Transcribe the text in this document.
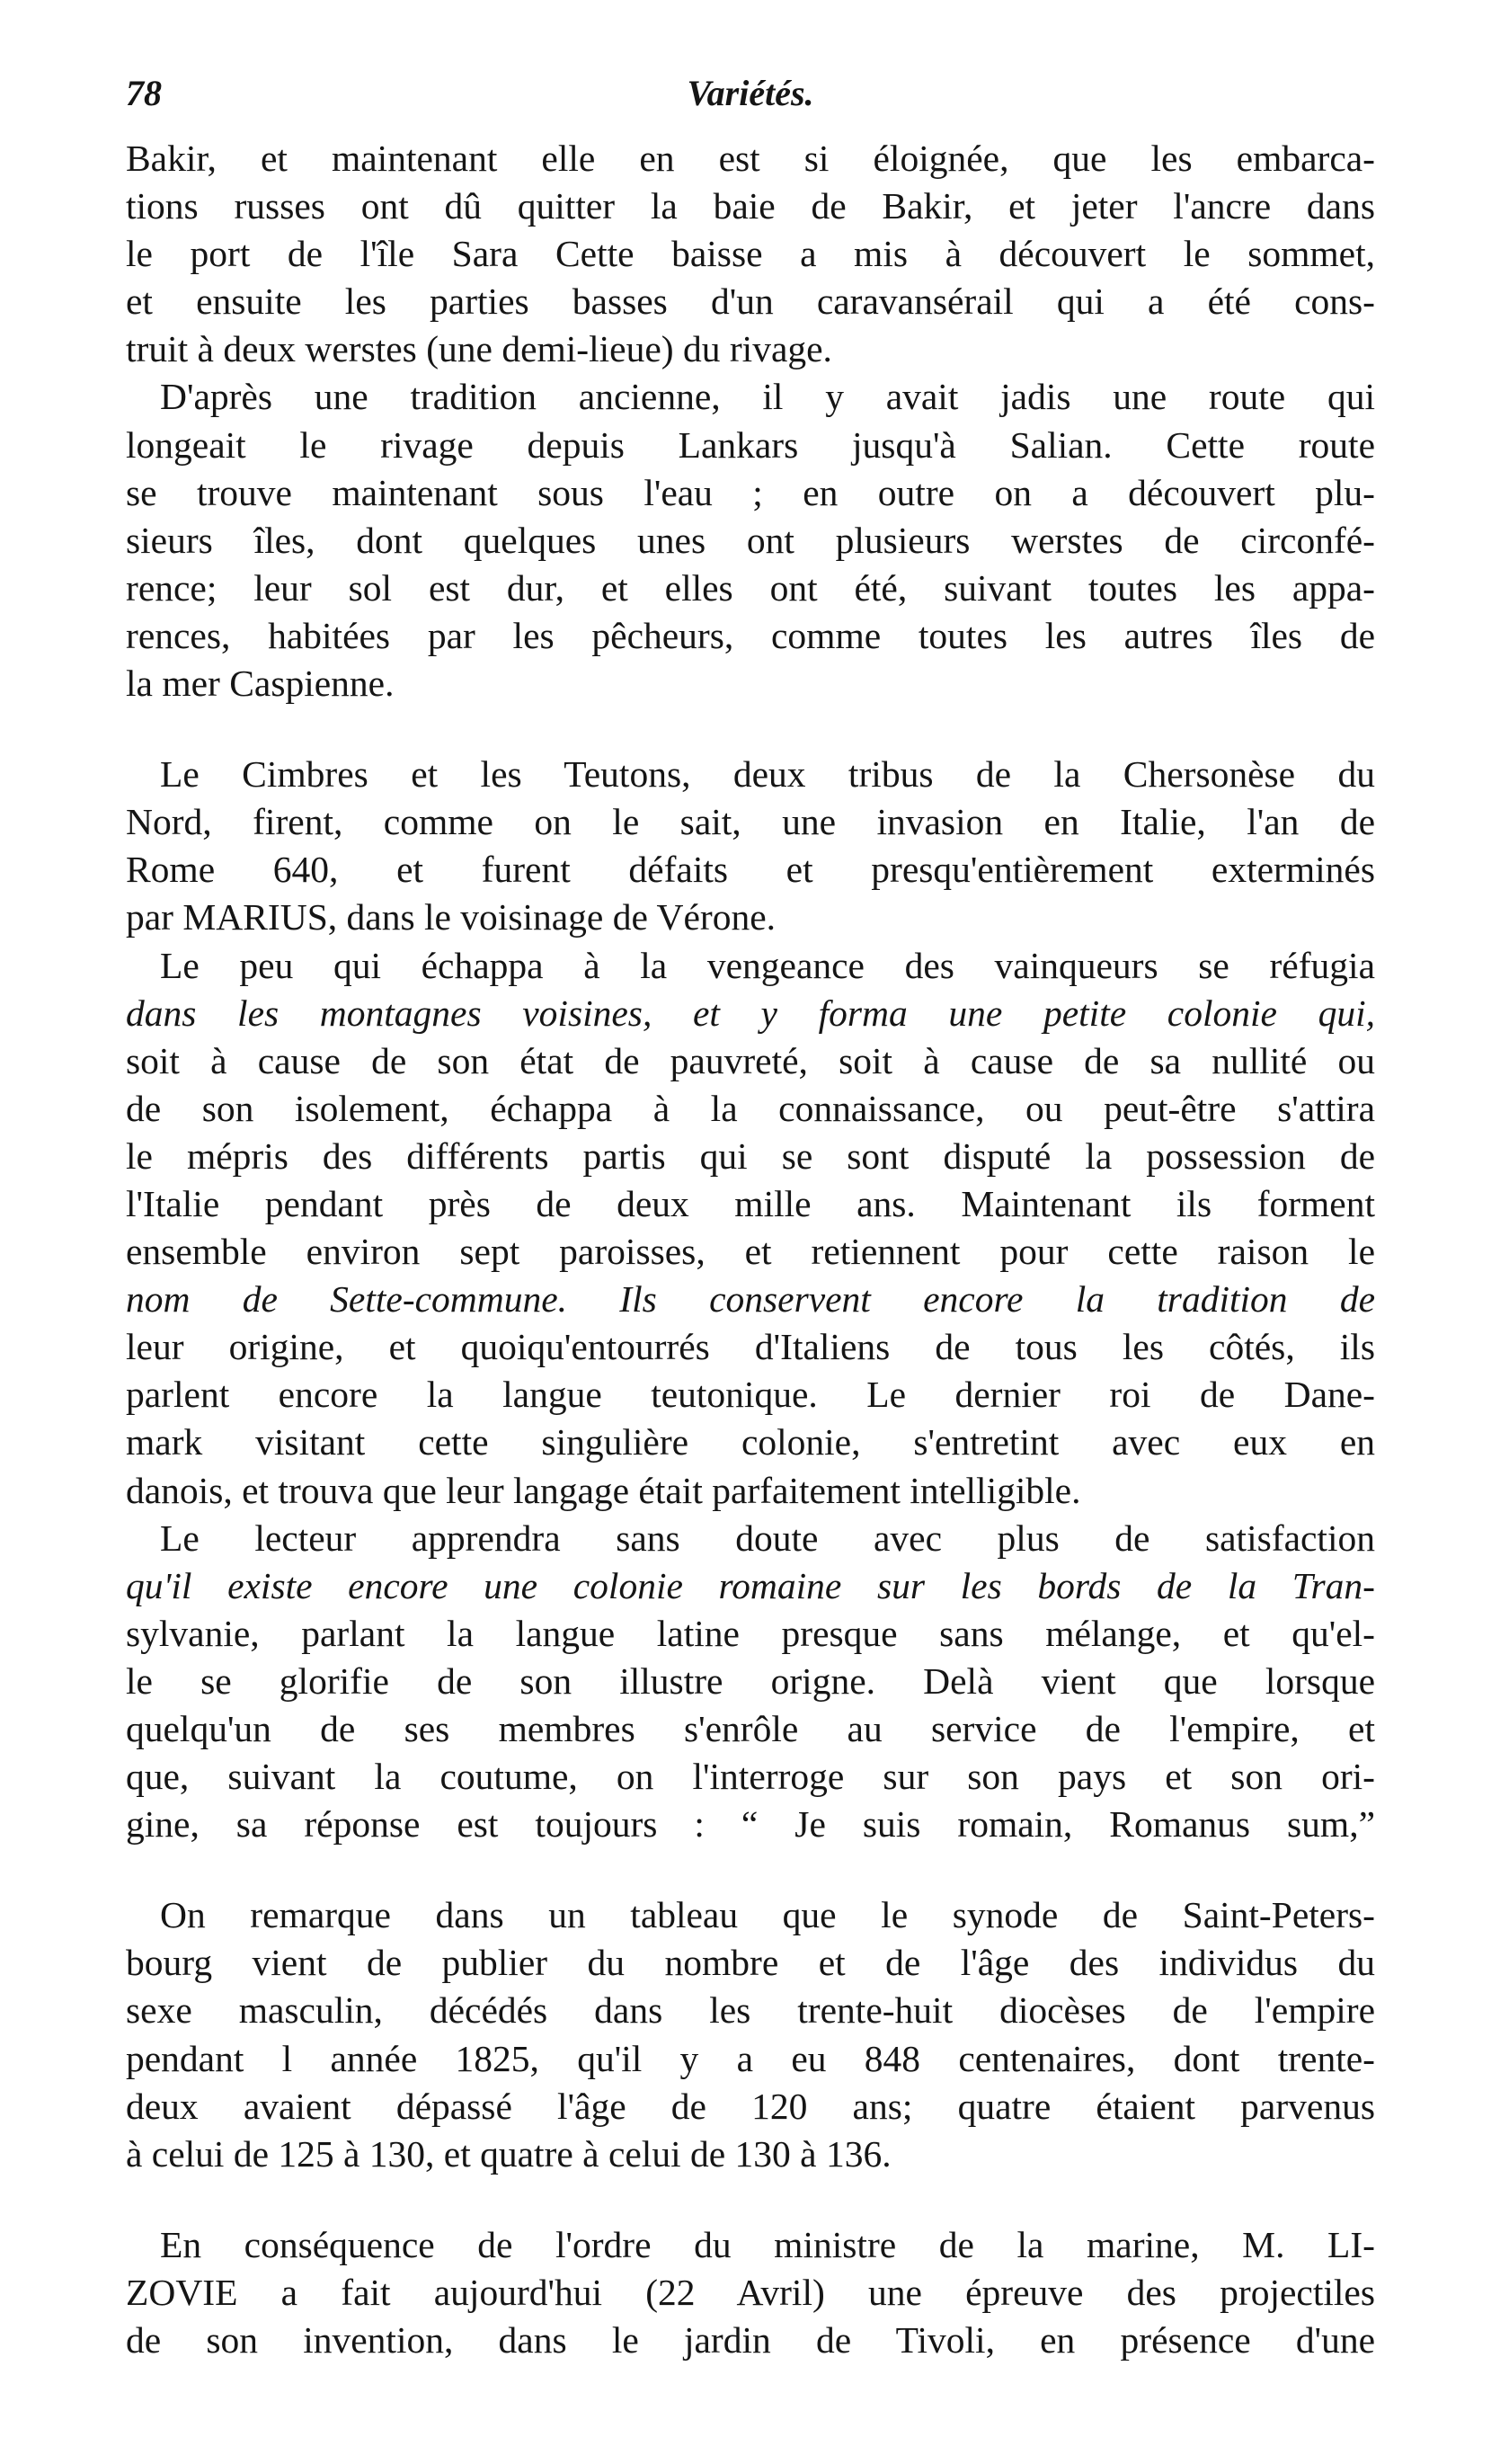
78	Variétés.

Bakir, et maintenant elle en est si éloignée, que les embarca-
tions russes ont dû quitter la baie de Bakir, et jeter l'ancre dans
le port de l'île Sara Cette baisse a mis à découvert le sommet,
et ensuite les parties basses d'un caravansérail qui a été cons-
truit à deux werstes (une demi-lieue) du rivage.

D'après une tradition ancienne, il y avait jadis une route qui
longeait le rivage depuis Lankars jusqu'à Salian. Cette route
se trouve maintenant sous l'eau ; en outre on a découvert plu-
sieurs îles, dont quelques unes ont plusieurs werstes de circonfé-
rence; leur sol est dur, et elles ont été, suivant toutes les appa-
rences, habitées par les pêcheurs, comme toutes les autres îles de
la mer Caspienne.

Le Cimbres et les Teutons, deux tribus de la Chersonèse du
Nord, firent, comme on le sait, une invasion en Italie, l'an de
Rome 640, et furent défaits et presqu'entièrement exterminés
par MARIUS, dans le voisinage de Vérone.

Le peu qui échappa à la vengeance des vainqueurs se réfugia
dans les montagnes voisines, et y forma une petite colonie qui,
soit à cause de son état de pauvreté, soit à cause de sa nullité ou
de son isolement, échappa à la connaissance, ou peut-être s'attira
le mépris des différents partis qui se sont disputé la possession de
l'Italie pendant près de deux mille ans. Maintenant ils forment
ensemble environ sept paroisses, et retiennent pour cette raison le
nom de Sette-commune. Ils conservent encore la tradition de
leur origine, et quoiqu'entourrés d'Italiens de tous les côtés, ils
parlent encore la langue teutonique. Le dernier roi de Dane-
mark visitant cette singulière colonie, s'entretint avec eux en
danois, et trouva que leur langage était parfaitement intelligible.

Le lecteur apprendra sans doute avec plus de satisfaction
qu'il existe encore une colonie romaine sur les bords de la Tran-
sylvanie, parlant la langue latine presque sans mélange, et qu'el-
le se glorifie de son illustre origne. Delà vient que lorsque
quelqu'un de ses membres s'enrôle au service de l'empire, et
que, suivant la coutume, on l'interroge sur son pays et son ori-
gine, sa réponse est toujours : “ Je suis romain, Romanus sum,”

On remarque dans un tableau que le synode de Saint-Peters-
bourg vient de publier du nombre et de l'âge des individus du
sexe masculin, décédés dans les trente-huit diocèses de l'empire
pendant l année 1825, qu'il y a eu 848 centenaires, dont trente-
deux avaient dépassé l'âge de 120 ans; quatre étaient parvenus
à celui de 125 à 130, et quatre à celui de 130 à 136.

En conséquence de l'ordre du ministre de la marine, M. LI-
ZOVIE a fait aujourd'hui (22 Avril) une épreuve des projectiles
de son invention, dans le jardin de Tivoli, en présence d'une
